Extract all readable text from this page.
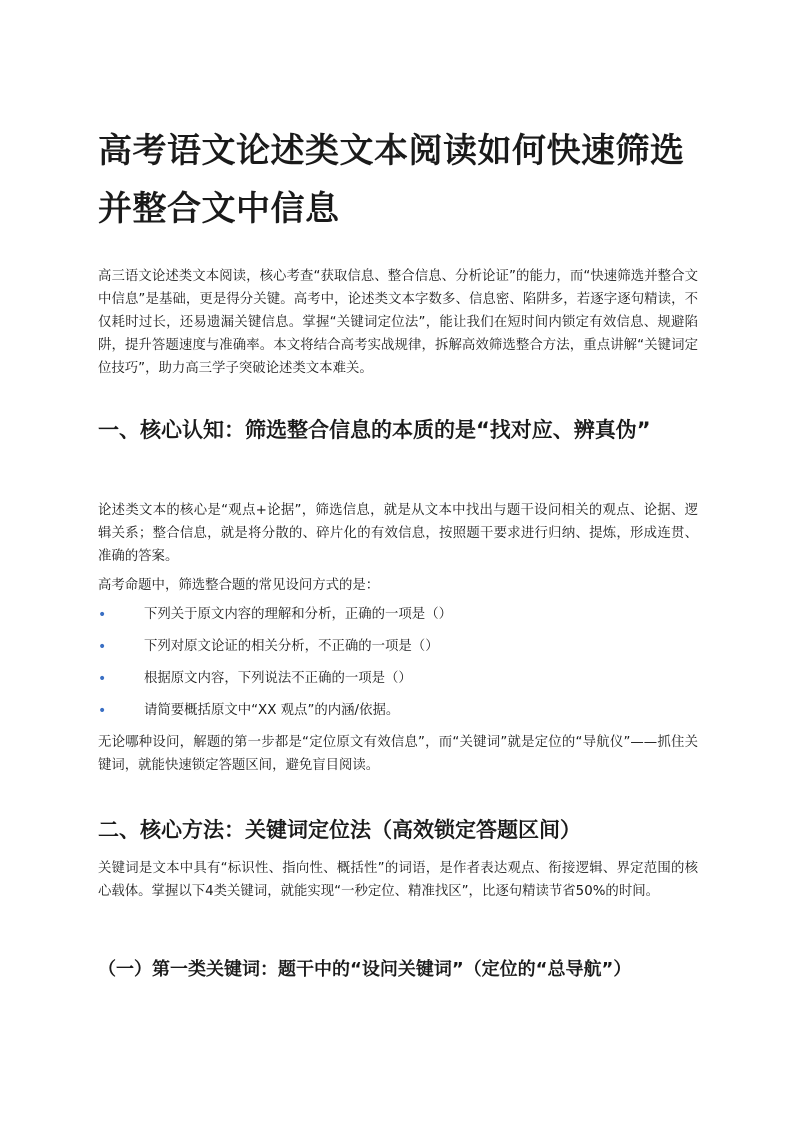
高考语文论述类文本阅读如何快速筛选并整合文中信息

高三语文论述类文本阅读，核心考查“获取信息、整合信息、分析论证”的能力，而“快速筛选并整合文中信息”是基础，更是得分关键。高考中，论述类文本字数多、信息密、陷阱多，若逐字逐句精读，不仅耗时过长，还易遗漏关键信息。掌握“关键词定位法”，能让我们在短时间内锁定有效信息、规避陷阱，提升答题速度与准确率。本文将结合高考实战规律，拆解高效筛选整合方法，重点讲解“关键词定位技巧”，助力高三学子突破论述类文本难关。

一、核心认知：筛选整合信息的本质的是“找对应、辨真伪”

论述类文本的核心是“观点+论据”，筛选信息，就是从文本中找出与题干设问相关的观点、论据、逻辑关系；整合信息，就是将分散的、碎片化的有效信息，按照题干要求进行归纳、提炼，形成连贯、准确的答案。

高考命题中，筛选整合题的常见设问方式的是：

•	下列关于原文内容的理解和分析，正确的一项是（）
•	下列对原文论证的相关分析，不正确的一项是（）
•	根据原文内容，下列说法不正确的一项是（）
•	请简要概括原文中“XX 观点”的内涵/依据。

无论哪种设问，解题的第一步都是“定位原文有效信息”，而“关键词”就是定位的“导航仪”——抓住关键词，就能快速锁定答题区间，避免盲目阅读。

二、核心方法：关键词定位法（高效锁定答题区间）

关键词是文本中具有“标识性、指向性、概括性”的词语，是作者表达观点、衔接逻辑、界定范围的核心载体。掌握以下4类关键词，就能实现“一秒定位、精准找区”，比逐句精读节省50%的时间。

（一）第一类关键词：题干中的“设问关键词”（定位的“总导航”）
